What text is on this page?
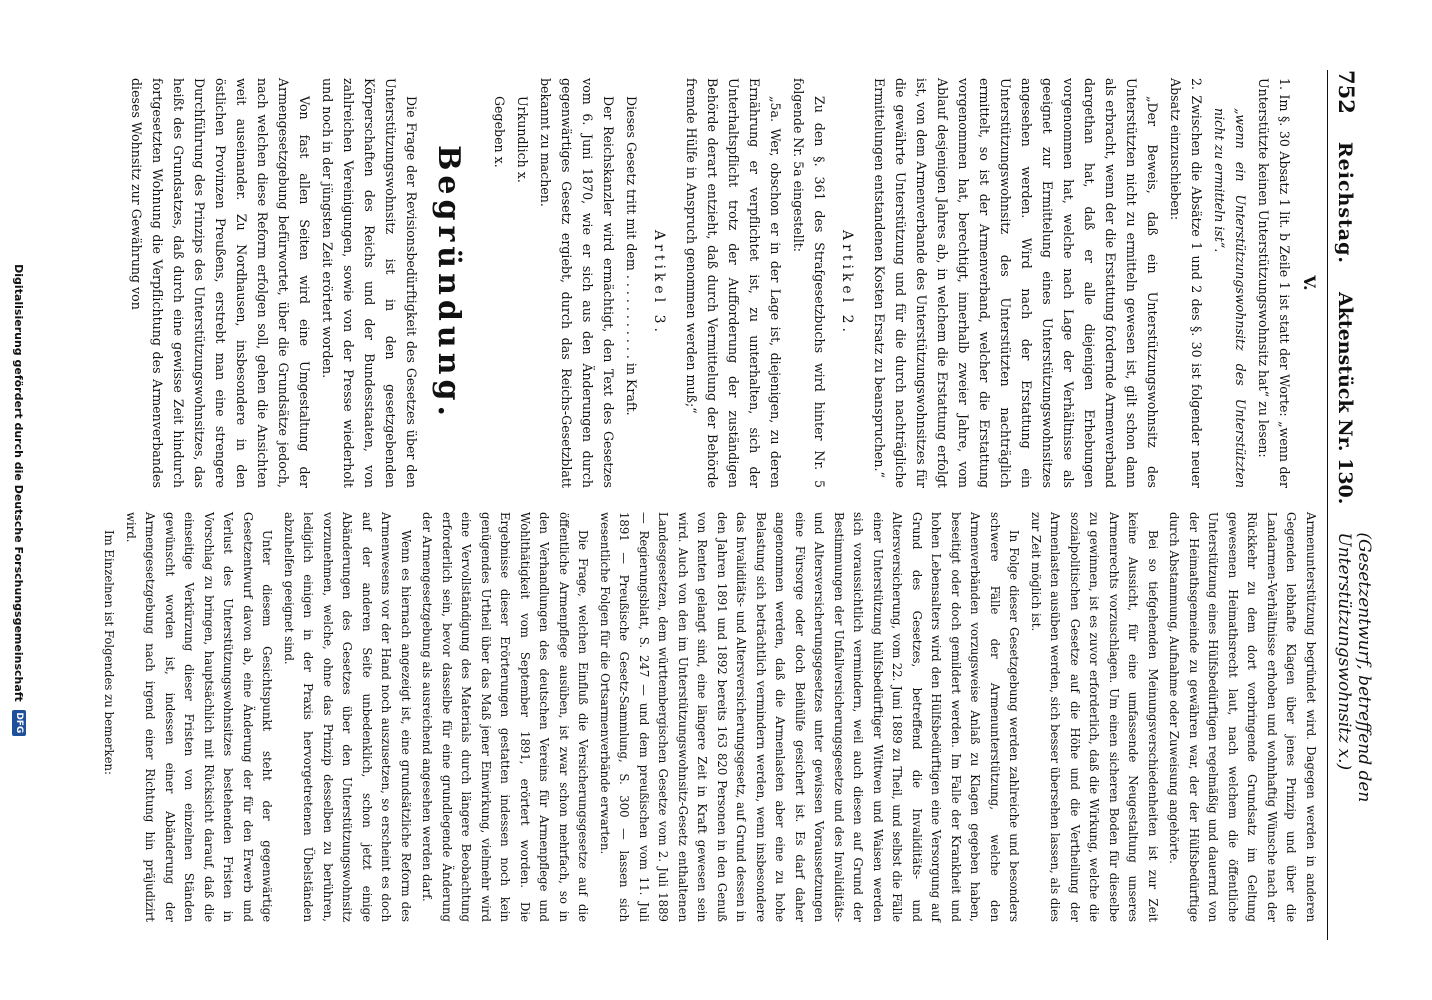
752
Reichstag.
Aktenstück Nr. 130.
(Gesetzentwurf, betreffend den Unterstützungswohnsitz x.)
V.

1. Im §. 30 Absatz 1 lit. b Zeile 1 ist statt der Worte: „wenn der Unterstützte keinen Unterstützungswohnsitz hat“ zu lesen:

„wenn ein Unterstützungswohnsitz des Unterstützten nicht zu ermitteln ist“.

2. Zwischen die Absätze 1 und 2 des §. 30 ist folgender neuer Absatz einzuschieben:

„Der Beweis, daß ein Unterstützungswohnsitz des Unterstützten nicht zu ermitteln gewesen ist, gilt schon dann als erbracht, wenn der die Erstattung fordernde Armenverband dargethan hat, daß er alle diejenigen Erhebungen vorgenommen hat, welche nach Lage der Verhältnisse als geeignet zur Ermittelung eines Unterstützungswohnsitzes angesehen werden. Wird nach der Erstattung ein Unterstützungswohnsitz des Unterstützten nachträglich ermittelt, so ist der Armenverband, welcher die Erstattung vorgenommen hat, berechtigt, innerhalb zweier Jahre, vom Ablauf desjenigen Jahres ab, in welchem die Erstattung erfolgt ist, von dem Armenverbande des Unterstützungswohnsitzes für die gewährte Unterstützung und für die durch nachträgliche Ermittelungen entstandenen Kosten Ersatz zu beanspruchen.“

Artikel 2.

Zu den §. 361 des Strafgesetzbuchs wird hinter Nr. 5 folgende Nr. 5a eingestellt:

„5a. Wer, obschon er in der Lage ist, diejenigen, zu deren Ernährung er verpflichtet ist, zu unterhalten, sich der Unterhaltspflicht trotz der Aufforderung der zuständigen Behörde derart entzieht, daß durch Vermittelung der Behörde fremde Hülfe in Anspruch genommen werden muß;“

Artikel 3.

Dieses Gesetz tritt mit dem . . . . . . . . . . . in Kraft.

Der Reichskanzler wird ermächtigt, den Text des Gesetzes vom 6. Juni 1870, wie er sich aus den Änderungen durch gegenwärtiges Gesetz ergiebt, durch das Reichs-Gesetzblatt bekannt zu machen.

Urkundlich x.

Gegeben x.

Begründung.

Die Frage der Revisionsbedürftigkeit des Gesetzes über den Unterstützungswohnsitz ist in den gesetzgebenden Körperschaften des Reichs und der Bundesstaaten, von zahlreichen Vereinigungen, sowie von der Presse wiederholt und noch in der jüngsten Zeit erörtert worden.

Von fast allen Seiten wird eine Umgestaltung der Armengesetzgebung befürwortet, über die Grundsätze jedoch, nach welchen diese Reform erfolgen soll, gehen die Ansichten weit auseinander. Zu Nordhausen, insbesondere in den östlichen Provinzen Preußens, erstrebt man eine strengere Durchführung des Prinzips des Unterstützungswohnsitzes, das heißt des Grundsatzes, daß durch eine gewisse Zeit hindurch fortgesetzten Wohnung die Verpflichtung des Armenverbandes dieses Wohnsitz zur Gewährung von

Armenunterstützung begründet wird. Dagegen werden in anderen Gegenden lebhafte Klagen über jenes Prinzip und über die Landarmen-Verhältnisse erhoben und wohnhaftig Wünsche nach der Rückkehr zu dem dort vorbringende Grundsatz im Geltung gewesenen Heimathsrecht laut, nach welchem die öffentliche Unterstützung eines Hülfsbedürftigen regelmäßig und dauernd von der Heimathsgemeinde zu gewähren war, der der Hülfsbedürftige durch Abstammung, Aufnahme oder Zuweisung angehörte.

Bei so tiefgehenden Meinungsverschiedenheiten ist zur Zeit keine Aussicht, für eine umfassende Neugestaltung unseres Armenrechts vorzuschlagen. Um einen sicheren Boden für dieselbe zu gewinnen, ist es zuvor erforderlich, daß die Wirkung, welche die sozialpolitischen Gesetze auf die Höhe und die Vertheilung der Armenlasten ausüben werden, sich besser übersehen lassen, als dies zur Zeit möglich ist.

In Folge dieser Gesetzgebung werden zahlreiche und besonders schwere Fälle der Armenunterstützung, welche den Armenverbänden vorzugsweise Anlaß zu Klagen gegeben haben, beseitigt oder doch gemildert werden. Im Falle der Krankheit und hohen Lebensalters wird den Hülfsbedürftigen eine Versorgung auf Grund des Gesetzes, betreffend die Invaliditäts- und Altersversicherung, vom 22. Juni 1889 zu Theil, und selbst die Fälle einer Unterstützung hülfsbedürftiger Wittwen und Waisen werden sich voraussichtlich vermindern, weil auch diesen auf Grund der Bestimmungen der Unfallversicherungsgesetze und des Invaliditäts- und Altersversicherungsgesetzes unter gewissen Voraussetzungen eine Fürsorge oder doch Beihülfe gesichert ist. Es darf daher angenommen werden, daß die Armenlasten aber eine zu hohe Belastung sich beträchtlich vermindern werden, wenn insbesondere das Invaliditäts- und Altersversicherungsgesetz, auf Grund dessen in den Jahren 1891 und 1892 bereits 163 820 Personen in den Genuß von Renten gelangt sind, eine längere Zeit in Kraft gewesen sein wird. Auch von den im Unterstützungswohnsitz-Gesetz enthaltenen Landesgesetzen, dem württembergischen Gesetze vom 2. Juli 1889 — Regierungsblatt, S. 247 — und dem preußischen vom 11. Juli 1891 — Preußische Gesetz-Sammlung, S. 300 — lassen sich wesentliche Folgen für die Ortsarmenverbände erwarten.

Die Frage, welchen Einfluß die Versicherungsgesetze auf die öffentliche Armenpflege ausüben, ist zwar schon mehrfach, so in den Verhandlungen des deutschen Vereins für Armenpflege und Wohlthätigkeit vom September 1891, erörtert worden. Die Ergebnisse dieser Erörterungen gestatten indessen noch kein genügendes Urtheil über das Maß jener Einwirkung, vielmehr wird eine Vervollständigung des Materials durch längere Beobachtung erforderlich sein, bevor dasselbe für eine grundlegende Änderung der Armengesetzgebung als ausreichend angesehen werden darf.

Wenn es hiernach angezeigt ist, eine grundsätzliche Reform des Armenwesens vor der Hand noch auszusetzen, so erscheint es doch auf der anderen Seite unbedenklich, schon jetzt einige Abänderungen des Gesetzes über den Unterstützungswohnsitz vorzunehmen, welche, ohne das Prinzip desselben zu berühren, lediglich einigen in der Praxis hervorgetretenen Übelständen abzuhelfen geeignet sind.

Unter diesem Gesichtspunkt steht der gegenwärtige Gesetzentwurf davon ab, eine Änderung der für den Erwerb und Verlust des Unterstützungswohnsitzes bestehenden Fristen in Vorschlag zu bringen, hauptsächlich mit Rücksicht darauf, daß die einseitige Verkürzung dieser Fristen von einzelnen Ständen gewünscht worden ist, indessen einer Abänderung der Armengesetzgebung nach irgend einer Richtung hin präjudizirt wird.

Im Einzelnen ist Folgendes zu bemerken:

Digitalisierung gefördert durch die Deutsche Forschungsgemeinschaft
DFG
